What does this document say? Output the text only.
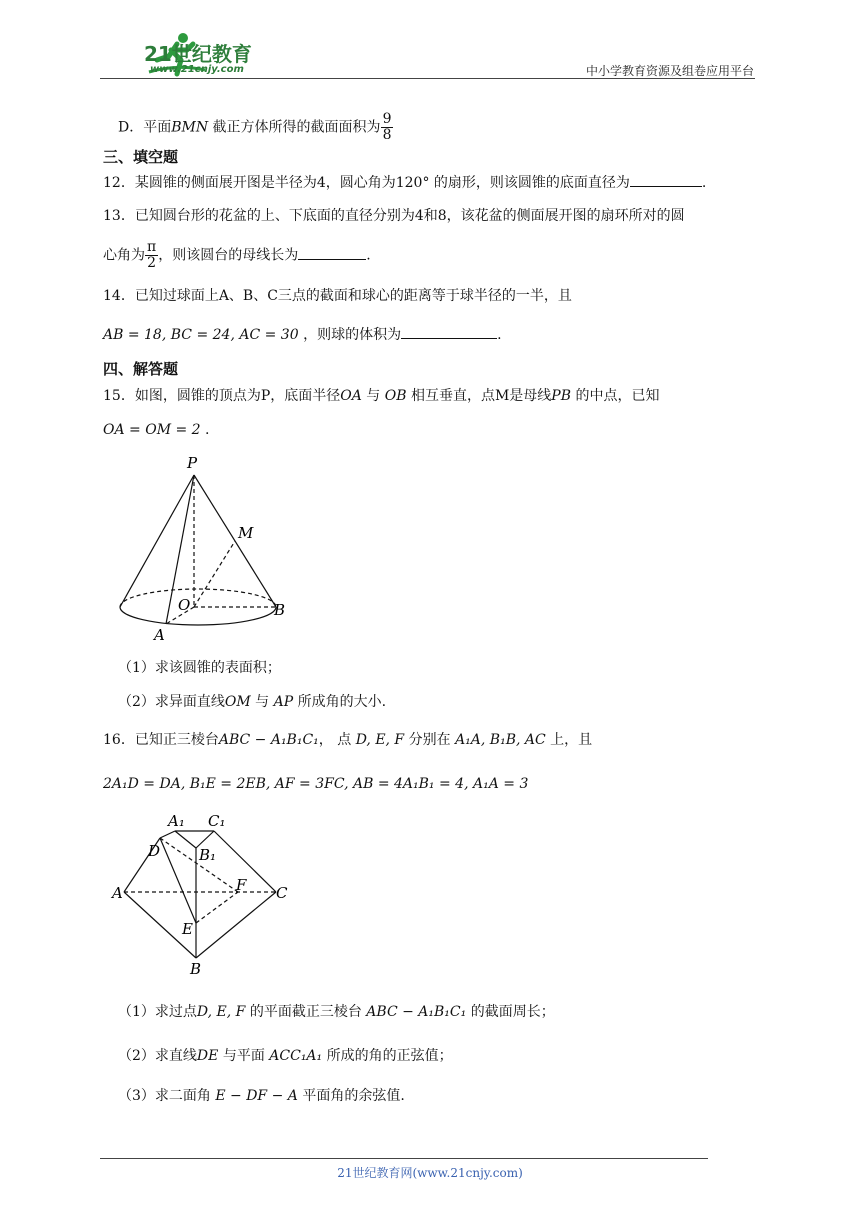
21世纪教育
www.21cnjy.com	中小学教育资源及组卷应用平台
D．平面BMN 截正方体所得的截面面积为 $\frac{9}{8}$
三、填空题
12．某圆锥的侧面展开图是半径为4，圆心角为120° 的扇形，则该圆锥的底面直径为	.
13．已知圆台形的花盆的上、下底面的直径分别为4和8，该花盆的侧面展开图的扇环所对的圆
心角为 $\frac{\pi}{2}$ ，则该圆台的母线长为	.
14．已知过球面上A、B、C三点的截面和球心的距离等于球半径的一半，且
AB = 18, BC = 24, AC = 30 ，则球的体积为	.
四、解答题
15．如图，圆锥的顶点为P，底面半径OA 与 OB 相互垂直，点M是母线PB 的中点，已知
OA = OM = 2 .
P
M
O
A
B
（1）求该圆锥的表面积；
（2）求异面直线OM 与 AP 所成角的大小.
16．已知正三棱台ABC − A₁B₁C₁， 点 D, E, F 分别在 A₁A, B₁B, AC 上，且
2A₁D = DA, B₁E = 2EB, AF = 3FC, AB = 4A₁B₁ = 4, A₁A = 3
A₁ C₁
B₁
D
A	F C
E
B
（1）求过点D, E, F 的平面截正三棱台 ABC − A₁B₁C₁ 的截面周长；
（2）求直线DE 与平面 ACC₁A₁ 所成的角的正弦值；
（3）求二面角 E − DF − A 平面角的余弦值.
21世纪教育网(www.21cnjy.com)
